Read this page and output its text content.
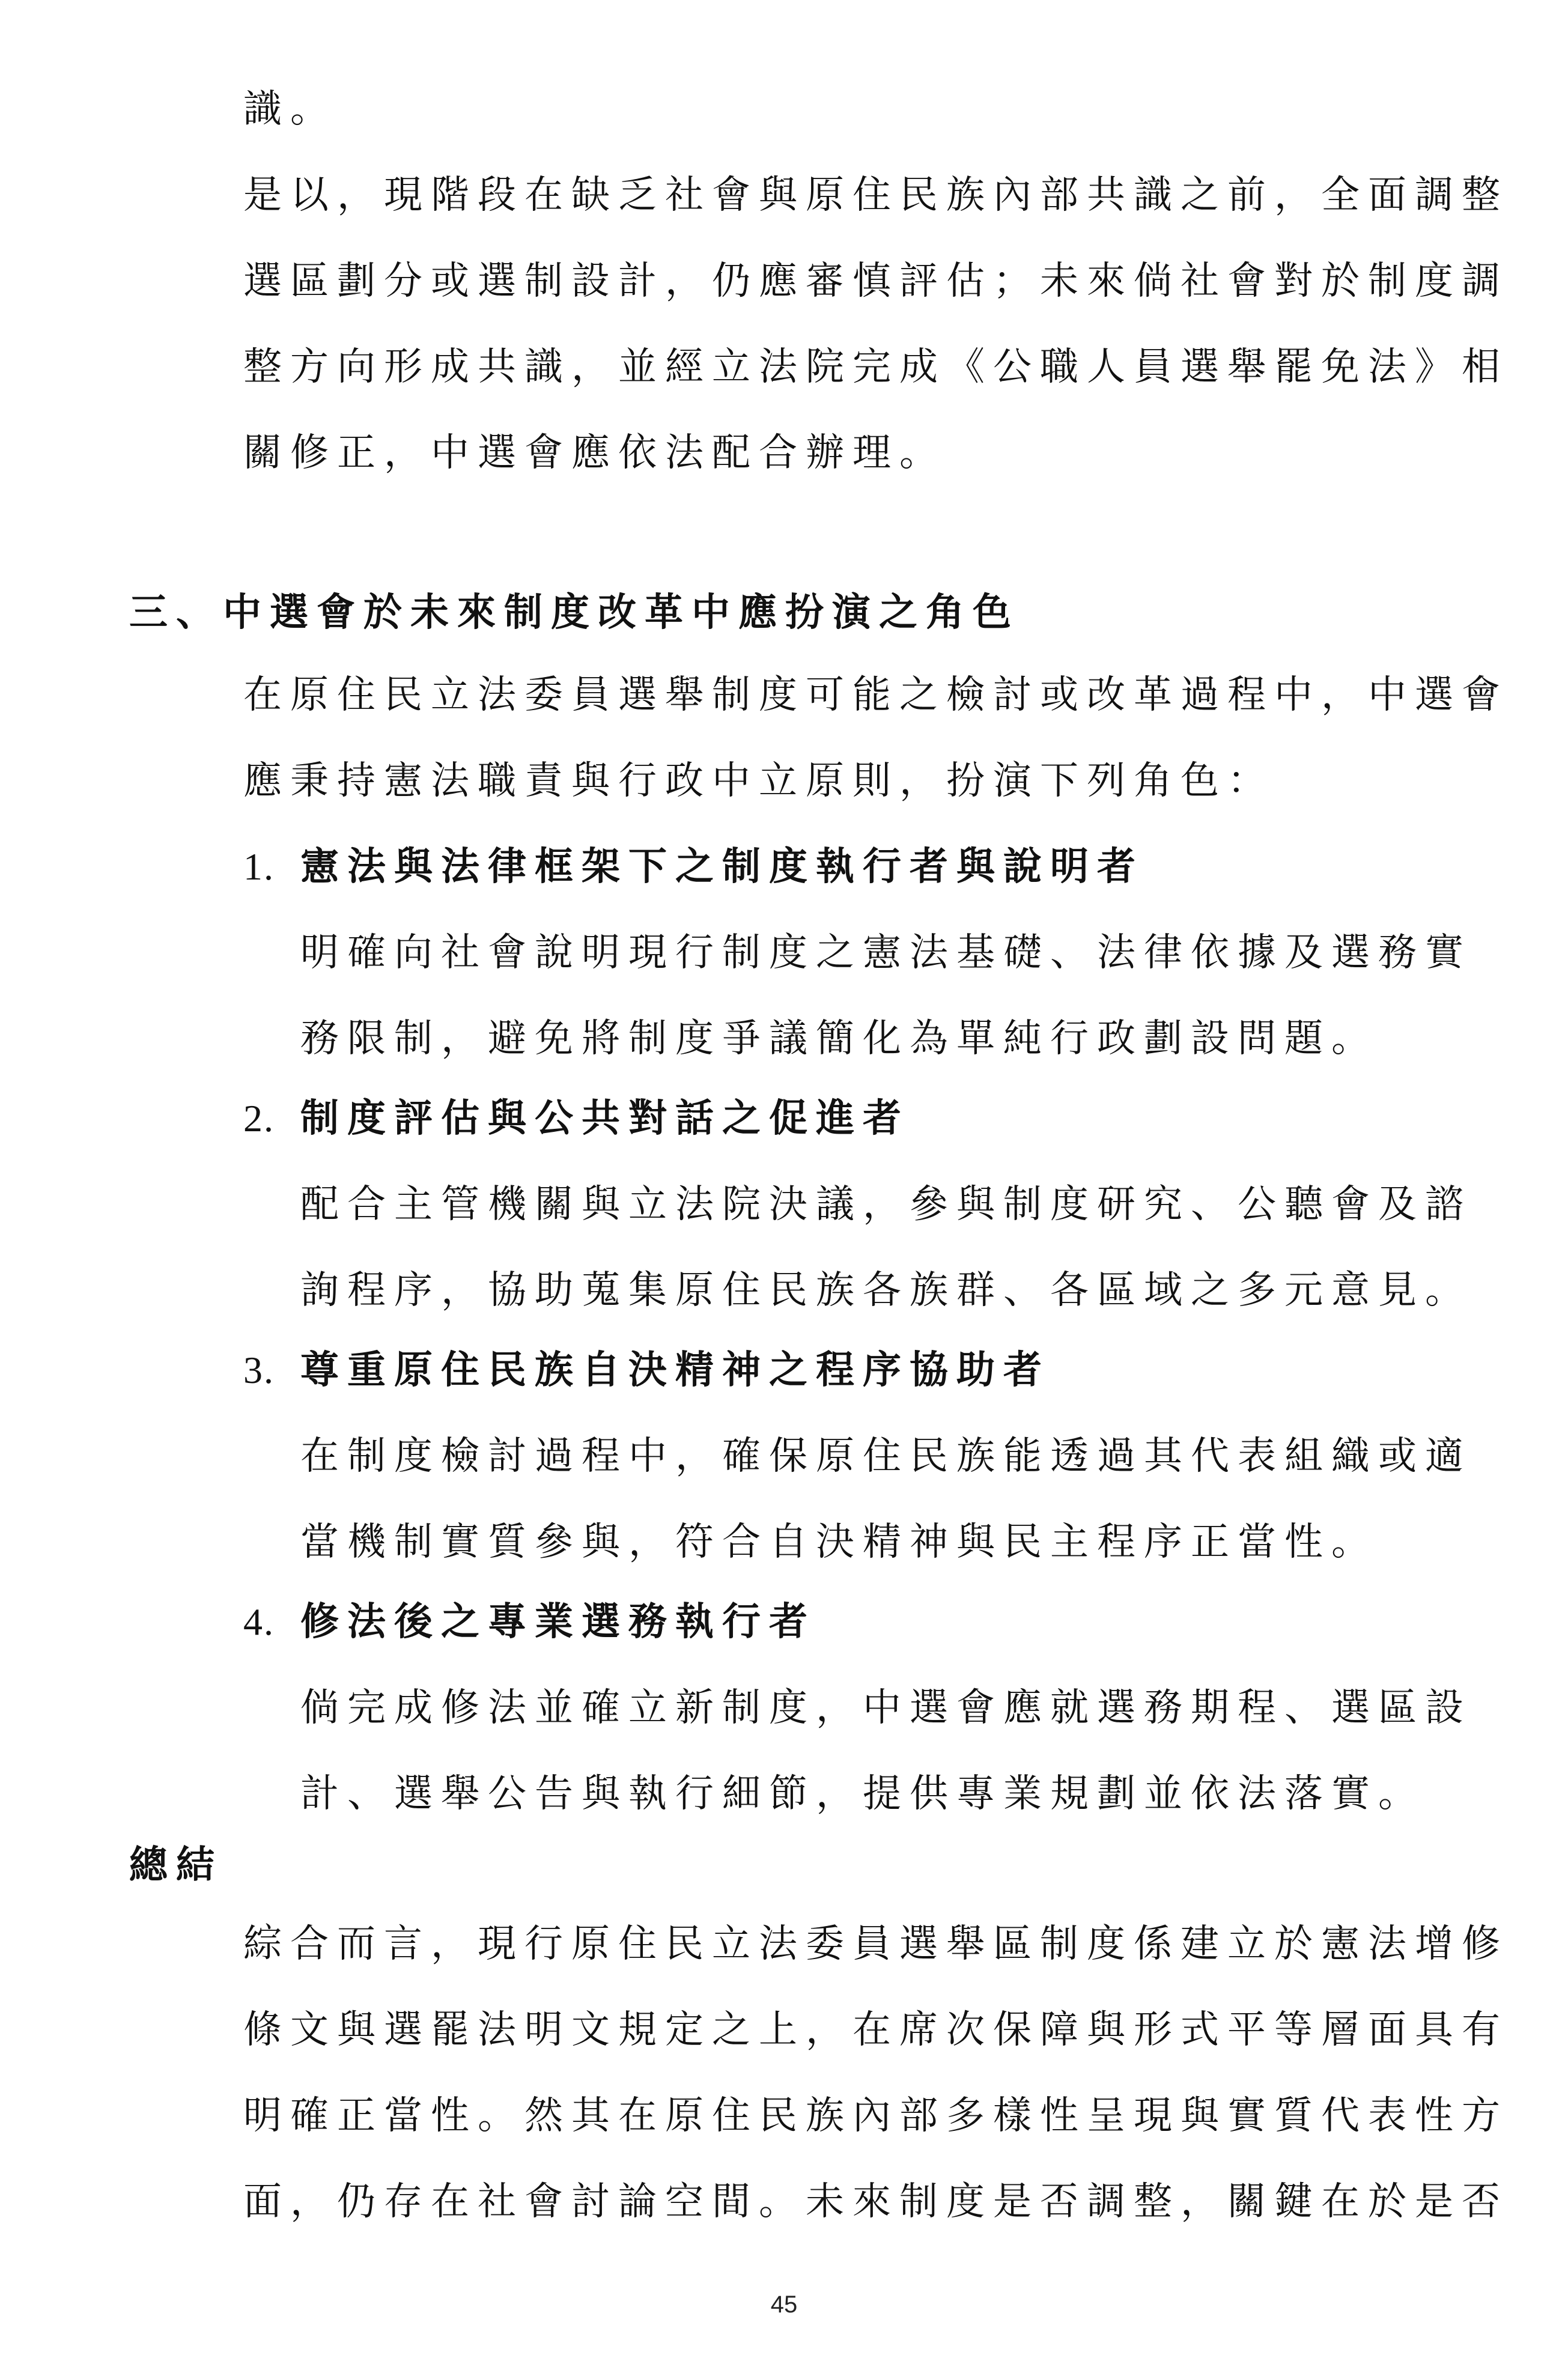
識。
是以，現階段在缺乏社會與原住民族內部共識之前，全面調整
選區劃分或選制設計，仍應審慎評估；未來倘社會對於制度調
整方向形成共識，並經立法院完成《公職人員選舉罷免法》相
關修正，中選會應依法配合辦理。
三、中選會於未來制度改革中應扮演之角色
在原住民立法委員選舉制度可能之檢討或改革過程中，中選會
應秉持憲法職責與行政中立原則，扮演下列角色：
1. 憲法與法律框架下之制度執行者與說明者
明確向社會說明現行制度之憲法基礎、法律依據及選務實
務限制，避免將制度爭議簡化為單純行政劃設問題。
2. 制度評估與公共對話之促進者
配合主管機關與立法院決議，參與制度研究、公聽會及諮
詢程序，協助蒐集原住民族各族群、各區域之多元意見。
3. 尊重原住民族自決精神之程序協助者
在制度檢討過程中，確保原住民族能透過其代表組織或適
當機制實質參與，符合自決精神與民主程序正當性。
4. 修法後之專業選務執行者
倘完成修法並確立新制度，中選會應就選務期程、選區設
計、選舉公告與執行細節，提供專業規劃並依法落實。
總結
綜合而言，現行原住民立法委員選舉區制度係建立於憲法增修
條文與選罷法明文規定之上，在席次保障與形式平等層面具有
明確正當性。然其在原住民族內部多樣性呈現與實質代表性方
面，仍存在社會討論空間。未來制度是否調整，關鍵在於是否
45
